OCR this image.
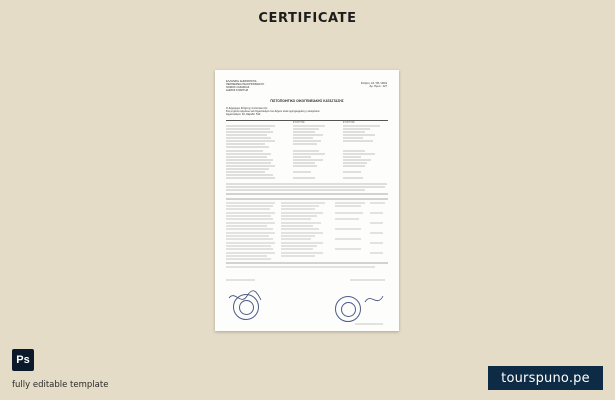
CERTIFICATE
ΕΛΛΗΝΙΚΗ ΔΗΜΟΚΡΑΤΙΑ
ΠΕΡΙΦΕΡΕΙΑ ΠΕΛΟΠΟΝΝΗΣΟΥ
ΝΟΜΟΣ ΛΑΚΩΝΙΑΣ
ΔΗΜΟΣ ΣΠΑΡΤΗΣ
Σπάρτη, 16 / 05 / 2019
Αρ. Πρωτ.: 127
ΠΙΣΤΟΠΟΙΗΤΙΚΟ ΟΙΚΟΓΕΝΕΙΑΚΗΣ ΚΑΤΑΣΤΑΣΗΣ
Ο Δήμαρχος Σπάρτης πιστοποιεί ότι:
Στο μητρώο αρρένων και δημοτολόγιο του Δήμου είναι εγγεγραμμένη η οικογένεια
Δημοτολόγιο: 32, Μερίδα: 512
ΣΥΖΥΓΟΣ	ΣΥΖΥΓΟΣ
Ps
fully editable template	tourspuno.pe
